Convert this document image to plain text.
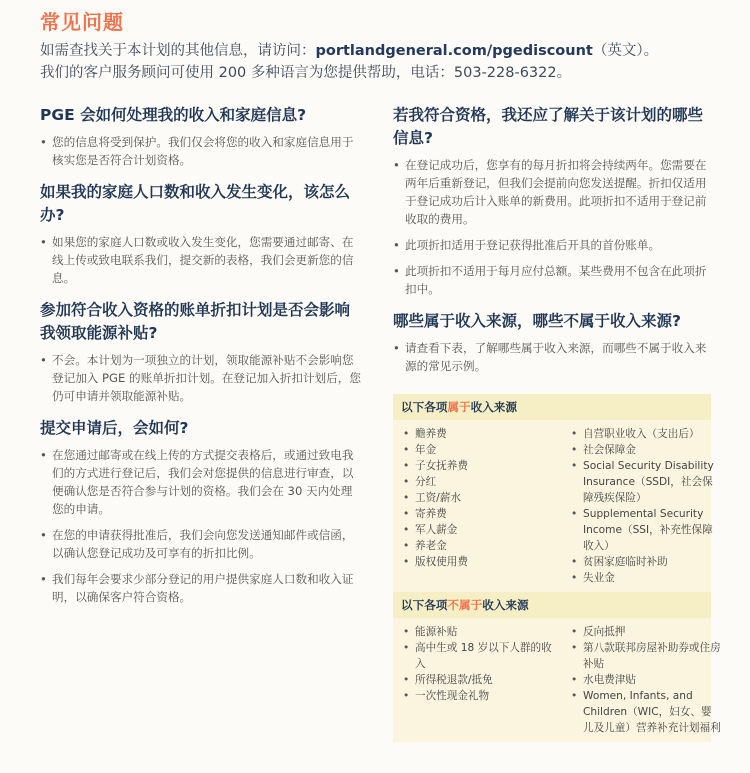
常见问题
如需查找关于本计划的其他信息，请访问：portlandgeneral.com/pgediscount（英文）。
我们的客户服务顾问可使用 200 多种语言为您提供帮助，电话：503-228-6322。
PGE 会如何处理我的收入和家庭信息?
• 您的信息将受到保护。我们仅会将您的收入和家庭信息用于核实您是否符合计划资格。
如果我的家庭人口数和收入发生变化，该怎么办?
• 如果您的家庭人口数或收入发生变化，您需要通过邮寄、在线上传或致电联系我们，提交新的表格，我们会更新您的信息。
参加符合收入资格的账单折扣计划是否会影响我领取能源补贴?
• 不会。本计划为一项独立的计划，领取能源补贴不会影响您登记加入 PGE 的账单折扣计划。在登记加入折扣计划后，您仍可申请并领取能源补贴。
提交申请后，会如何?
• 在您通过邮寄或在线上传的方式提交表格后，或通过致电我们的方式进行登记后，我们会对您提供的信息进行审查，以便确认您是否符合参与计划的资格。我们会在 30 天内处理您的申请。
• 在您的申请获得批准后，我们会向您发送通知邮件或信函，以确认您登记成功及可享有的折扣比例。
• 我们每年会要求少部分登记的用户提供家庭人口数和收入证明，以确保客户符合资格。
若我符合资格，我还应了解关于该计划的哪些信息?
• 在登记成功后，您享有的每月折扣将会持续两年。您需要在两年后重新登记，但我们会提前向您发送提醒。折扣仅适用于登记成功后计入账单的新费用。此项折扣不适用于登记前收取的费用。
• 此项折扣适用于登记获得批准后开具的首份账单。
• 此项折扣不适用于每月应付总额。某些费用不包含在此项折扣中。
哪些属于收入来源，哪些不属于收入来源?
• 请查看下表，了解哪些属于收入来源，而哪些不属于收入来源的常见示例。
以下各项属于收入来源
• 赡养费
• 年金
• 子女抚养费
• 分红
• 工资/薪水
• 寄养费
• 军人薪金
• 养老金
• 版权使用费
• 自营职业收入（支出后）
• 社会保障金
• Social Security Disability Insurance（SSDI，社会保障残疾保险）
• Supplemental Security Income（SSI，补充性保障收入）
• 贫困家庭临时补助
• 失业金
以下各项不属于收入来源
• 能源补贴
• 高中生或 18 岁以下人群的收入
• 所得税退款/抵免
• 一次性现金礼物
• 反向抵押
• 第八款联邦房屋补助券或住房补贴
• 水电费津贴
• Women, Infants, and Children（WIC，妇女、婴儿及儿童）营养补充计划福利
